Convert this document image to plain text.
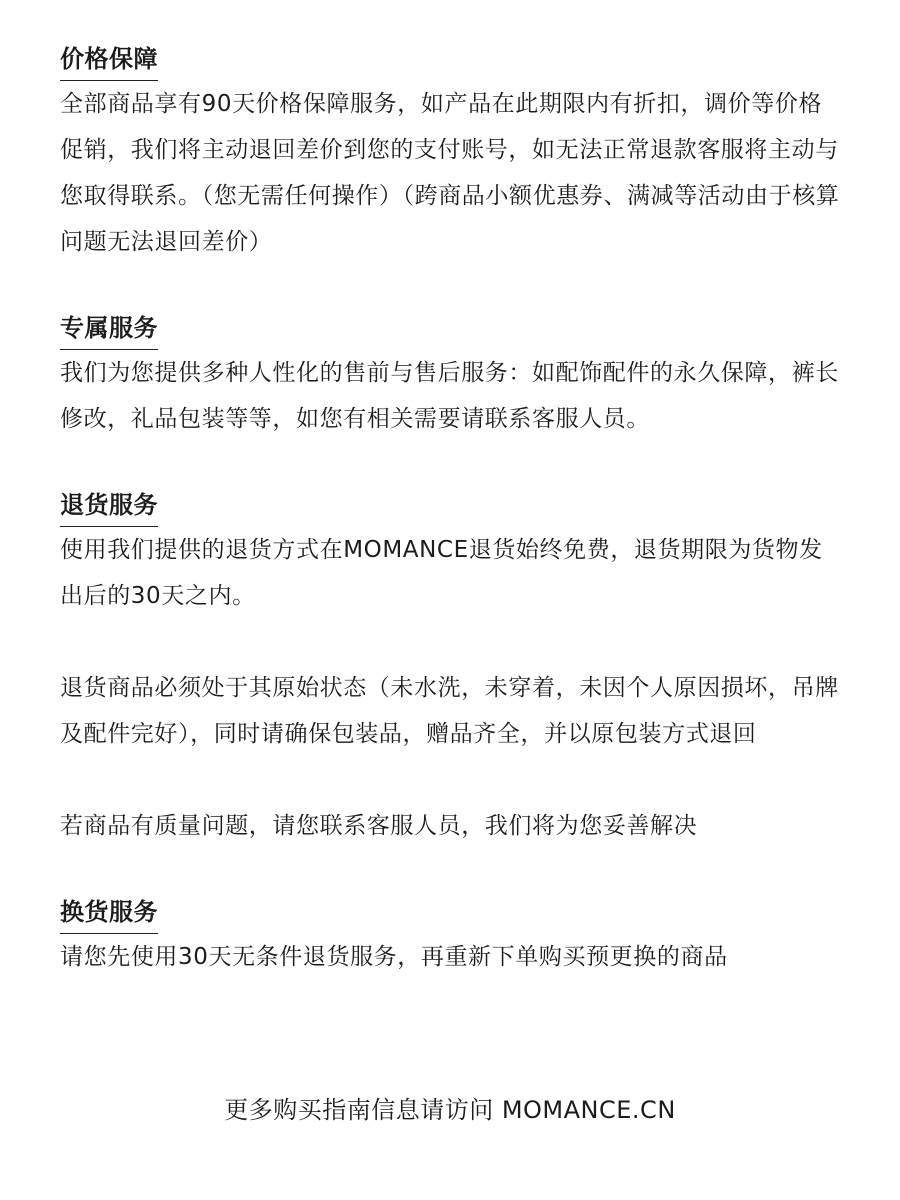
价格保障

全部商品享有90天价格保障服务，如产品在此期限内有折扣，调价等价格促销，我们将主动退回差价到您的支付账号，如无法正常退款客服将主动与您取得联系。（您无需任何操作）（跨商品小额优惠券、满减等活动由于核算问题无法退回差价）

专属服务

我们为您提供多种人性化的售前与售后服务：如配饰配件的永久保障，裤长修改，礼品包装等等，如您有相关需要请联系客服人员。

退货服务

使用我们提供的退货方式在MOMANCE退货始终免费，退货期限为货物发出后的30天之内。

退货商品必须处于其原始状态（未水洗，未穿着，未因个人原因损坏，吊牌及配件完好），同时请确保包装品，赠品齐全，并以原包装方式退回

若商品有质量问题，请您联系客服人员，我们将为您妥善解决

换货服务

请您先使用30天无条件退货服务，再重新下单购买预更换的商品

更多购买指南信息请访问 MOMANCE.CN
